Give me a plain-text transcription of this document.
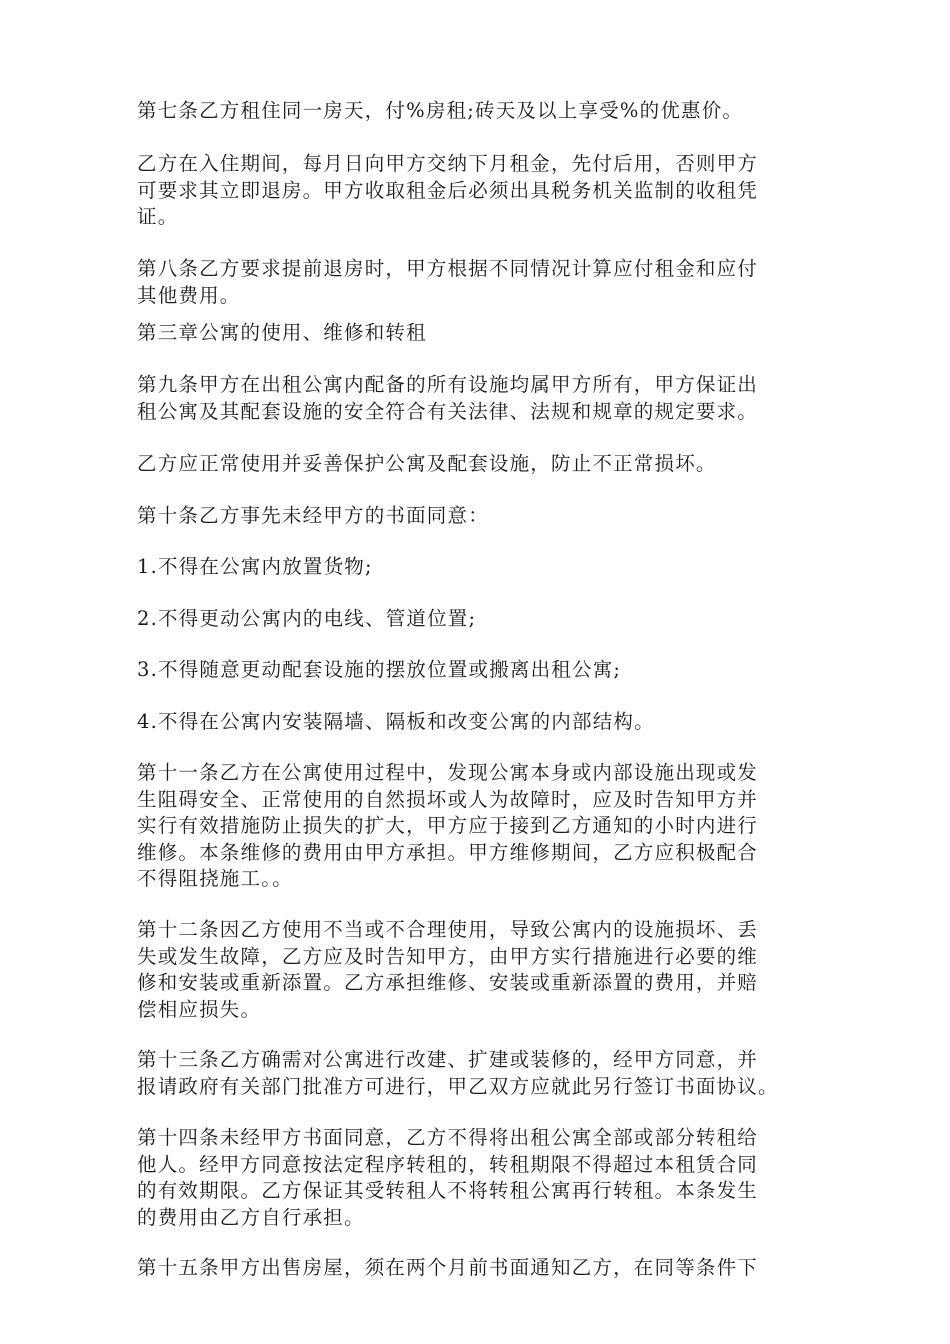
第七条乙方租住同一房天，付%房租;砖天及以上享受%的优惠价。

乙方在入住期间，每月日向甲方交纳下月租金，先付后用，否则甲方
可要求其立即退房。甲方收取租金后必须出具税务机关监制的收租凭
证。

第八条乙方要求提前退房时，甲方根据不同情况计算应付租金和应付
其他费用。

第三章公寓的使用、维修和转租

第九条甲方在出租公寓内配备的所有设施均属甲方所有，甲方保证出
租公寓及其配套设施的安全符合有关法律、法规和规章的规定要求。

乙方应正常使用并妥善保护公寓及配套设施，防止不正常损坏。

第十条乙方事先未经甲方的书面同意：

1.不得在公寓内放置货物;

2.不得更动公寓内的电线、管道位置;

3.不得随意更动配套设施的摆放位置或搬离出租公寓;

4.不得在公寓内安装隔墙、隔板和改变公寓的内部结构。

第十一条乙方在公寓使用过程中，发现公寓本身或内部设施出现或发
生阻碍安全、正常使用的自然损坏或人为故障时，应及时告知甲方并
实行有效措施防止损失的扩大，甲方应于接到乙方通知的小时内进行
维修。本条维修的费用由甲方承担。甲方维修期间，乙方应积极配合
不得阻挠施工。。

第十二条因乙方使用不当或不合理使用，导致公寓内的设施损坏、丢
失或发生故障，乙方应及时告知甲方，由甲方实行措施进行必要的维
修和安装或重新添置。乙方承担维修、安装或重新添置的费用，并赔
偿相应损失。

第十三条乙方确需对公寓进行改建、扩建或装修的，经甲方同意，并
报请政府有关部门批准方可进行，甲乙双方应就此另行签订书面协议。

第十四条未经甲方书面同意，乙方不得将出租公寓全部或部分转租给
他人。经甲方同意按法定程序转租的，转租期限不得超过本租赁合同
的有效期限。乙方保证其受转租人不将转租公寓再行转租。本条发生
的费用由乙方自行承担。

第十五条甲方出售房屋，须在两个月前书面通知乙方，在同等条件下
